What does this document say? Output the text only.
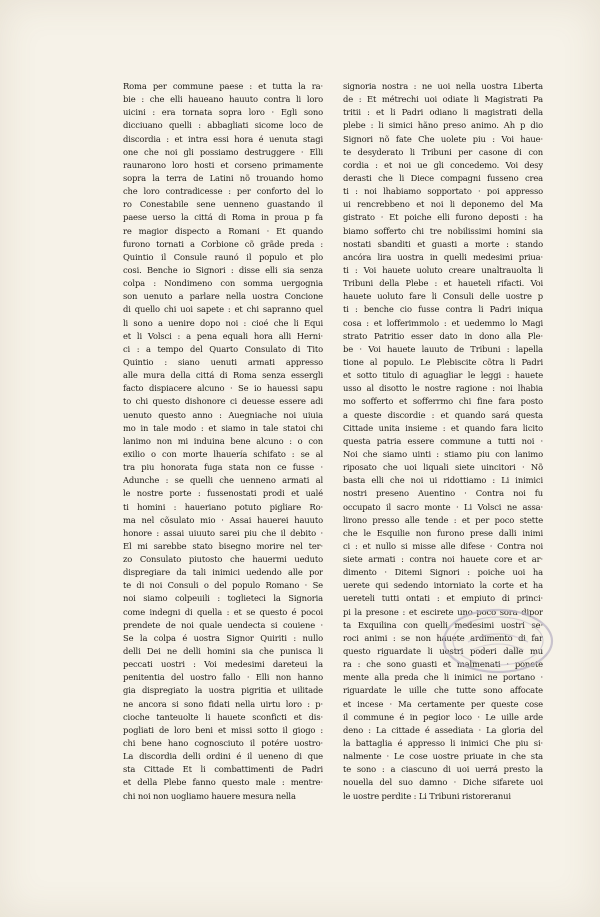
Roma per commune paese : et tutta la ra·
bie : che elli haueano hauuto contra li loro
uicini : era tornata sopra loro · Egli sono
dicciuano quelli : abbagliati sicome loco de
discordia : et intra essi hora é uenuta stagi
one che noi gli possiamo destruggere · Elli
raunarono loro hosti et corseno primamente
sopra la terra de Latini nõ trouando homo
che loro contradicesse : per conforto del lo
ro Conestabile sene uenneno guastando il
paese uerso la cittá di Roma in proua p fa
re magior dispecto a Romani · Et quando
furono tornati a Corbione cõ grãde preda :
Quintio il Consule raunó il populo et plo
cosi. Benche io Signori : disse elli sia senza
colpa : Nondimeno con somma uergognia
son uenuto a parlare nella uostra Concione
di quello chi uoi sapete : et chi sapranno quel
li sono a uenire dopo noi : cioé che li Equi
et li Volsci : a pena equali hora alli Herni·
ci : a tempo del Quarto Consulato di Tito
Quintio : siano uenuti armati appresso
alle mura della cittá di Roma senza essergli
facto dispiacere alcuno · Se io hauessi sapu
to chi questo dishonore ci deuesse essere adi
uenuto questo anno : Auegniache noi uiuia
mo in tale modo : et siamo in tale statoi chi
lanimo non mi induina bene alcuno : o con
exilio o con morte lhauería schifato : se al
tra piu honorata fuga stata non ce fusse ·
Adunche : se quelli che uenneno armati al
le nostre porte : fussenostati prodi et ualé
ti homini : haueriano potuto pigliare Ro·
ma nel cõsulato mio · Assai hauerei hauuto
honore : assai uiuuto sarei piu che il debito ·
El mi sarebbe stato bisegno morire nel ter·
zo Consulato piutosto che hauermi ueduto
dispregiare da tali inimici uedendo alle por
te di noi Consuli o del populo Romano · Se
noi siamo colpeuili : toglieteci la Signoria
come indegni di quella : et se questo é pocoi
prendete de noi quale uendecta si couiene ·
Se la colpa é uostra Signor Quiriti : nullo
delli Dei ne delli homini sia che punisca li
peccati uostri : Voi medesimi dareteui la
penitentia del uostro fallo · Elli non hanno
gia dispregiato la uostra pigritia et uilitade
ne ancora si sono fidati nella uirtu loro : p·
cioche tanteuolte li hauete sconficti et dis·
pogliati de loro beni et missi sotto il giogo :
chi bene hano cognosciuto il potére uostro·
La discordia delli ordini é il ueneno di que
sta Cittade Et li combattimenti de Padri
et della Plebe fanno questo male : mentre·
chi noi non uogliamo hauere mesura nella
signoria nostra : ne uoi nella uostra Liberta
de : Et métrechi uoi odiate li Magistrati Pa
tritii : et li Padri odiano li magistrati della
plebe : li simici hãno preso animo. Ah p dio
Signori nõ fate Che uolete piu : Voi haue·
te desyderato li Tribuni per casone di con
cordia : et noi ue gli concedemo. Voi desy
derasti che li Diece compagni fusseno crea
ti : noi lhabiamo sopportato · poi appresso
ui rencrebbeno et noi li deponemo del Ma
gistrato · Et poiche elli furono deposti : ha
biamo sofferto chi tre nobilissimi homini sia
nostati sbanditi et guasti a morte : stando
ancóra lira uostra in quelli medesimi priua·
ti : Voi hauete uoluto creare unaltrauolta li
Tribuni della Plebe : et haueteli rifacti. Voi
hauete uoluto fare li Consuli delle uostre p
ti : benche cio fusse contra li Padri iniqua
cosa : et lofferimmolo : et uedemmo lo Magi
strato Patritio esser dato in dono alla Ple·
be · Voi hauete lauuto de Tribuni : lapella
tione al populo. Le Plebiscite cõtra li Padri
et sotto titulo di aguagliar le leggi : hauete
usso al disotto le nostre ragione : noi lhabia
mo sofferto et sofferrmo chi fine fara posto
a queste discordie : et quando sará questa
Cittade unita insieme : et quando fara licito
questa patria essere commune a tutti noi ·
Noi che siamo uinti : stiamo piu con lanimo
riposato che uoi liquali siete uincitori · Nõ
basta elli che noi ui ridottiamo : Li inimici
nostri preseno Auentino · Contra noi fu
occupato il sacro monte · Li Volsci ne assa·
lirono presso alle tende : et per poco stette
che le Esquilie non furono prese dalli inimi
ci : et nullo si misse alle difese · Contra noi
siete armati : contra noi hauete core et ar·
dimento · Ditemi Signori : poiche uoi ha
uerete qui sedendo intorniato la corte et ha
uereteli tutti ontati : et empiuto di princi·
pi la presone : et escirete uno poco sora dipor
ta Exquilina con quelli medesimi uostri se·
roci animi : se non hauete ardimento di far
questo riguardate li uostri poderi dalle mu
ra : che sono guasti et malmenati · ponete
mente alla preda che li inimici ne portano ·
riguardate le uille che tutte sono affocate
et incese · Ma certamente per queste cose
il commune é in pegior loco · Le uille arde
deno : La cittade é assediata · La gloria del
la battaglia é appresso li inimici Che piu si·
nalmente · Le cose uostre priuate in che sta
te sono : a ciascuno di uoi uerrá presto la
nouella del suo damno · Diche sifarete uoi
le uostre perdite : Li Tribuni ristoreranui
